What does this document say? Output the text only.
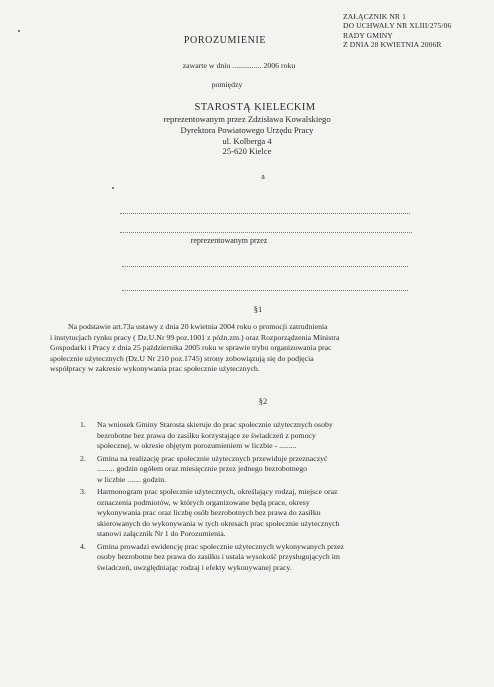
ZAŁĄCZNIK NR 1
DO UCHWAŁY NR XLIII/275/06
RADY GMINY
Z DNIA 28 KWIETNIA 2006R
POROZUMIENIE
zawarte w dniu ............... 2006 roku
pomiędzy
STAROSTĄ KIELECKIM
reprezentowanym przez Zdzisława Kowalskiego
Dyrektora Powiatowego Urzędu Pracy
ul. Kolberga 4
25-620 Kielce
a
reprezentowanym przez
§1
Na podstawie art.73a ustawy z dnia 20 kwietnia 2004 roku o promocji zatrudnienia
i instytucjach rynku pracy ( Dz.U.Nr 99 poz.1001 z późn.zm.) oraz Rozporządzenia Ministra
Gospodarki i Pracy z dnia 25 października 2005 roku w sprawie trybu organizowania prac
społecznie użytecznych (Dz.U Nr 210 poz.1745) strony zobowiązują się do podjęcia
współpracy w zakresie wykonywania prac społecznie użytecznych.
§2
1. Na wniosek Gminy Starosta skieruje do prac społecznie użytecznych osoby
bezrobotne bez prawa do zasiłku korzystające ze świadczeń z pomocy
społecznej, w okresie objętym porozumieniem w liczbie - .........
2. Gmina na realizację prac społecznie użytecznych przewiduje przeznaczyć
......... godzin ogółem oraz miesięcznie przez jednego bezrobotnego
w liczbie ....... godzin.
3. Harmonogram prac społecznie użytecznych, określający rodzaj, miejsce oraz
oznaczenia podmiotów, w których organizowane będą prace, okresy
wykonywania prac oraz liczbę osób bezrobotnych bez prawa do zasiłku
skierowanych do wykonywania w tych okresach prac społecznie użytecznych
stanowi załącznik Nr 1 do Porozumienia.
4. Gmina prowadzi ewidencję prac społecznie użytecznych wykonywanych przez
osoby bezrobotne bez prawa do zasiłku i ustala wysokość przysługujących im
świadczeń, uwzględniając rodzaj i efekty wykonywanej pracy.
